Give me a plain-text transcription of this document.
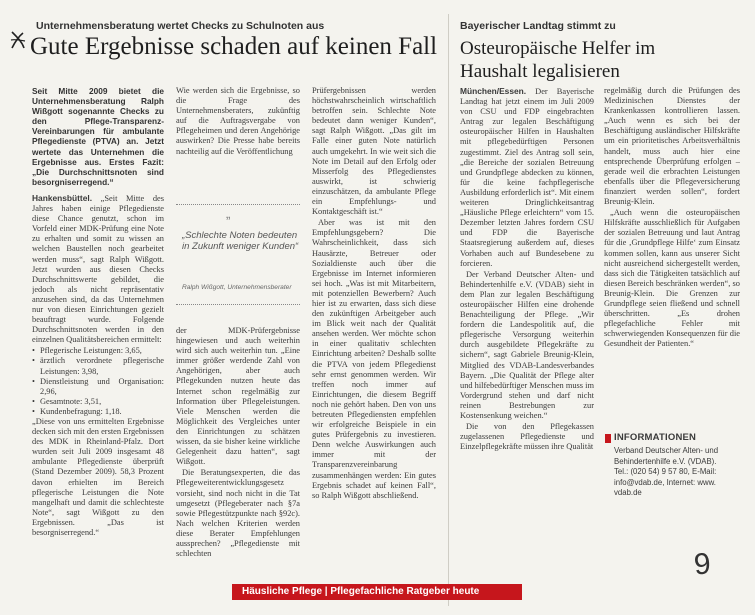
Unternehmensberatung wertet Checks zu Schulnoten aus
Gute Ergebnisse schaden auf keinen Fall

Seit Mitte 2009 bietet die Unternehmensberatung Ralph Wißgott sogenannte Checks zu den Pflege-Transparenz-Vereinbarungen für ambulante Pflegedienste (PTVA) an. Jetzt wertete das Unternehmen die Ergebnisse aus. Erstes Fazit: „Die Durchschnittsnoten sind besorgniserregend.“

Hankensbüttel. „Seit Mitte des Jahres haben einige Pflegedienste diese Chance genutzt, schon im Vorfeld einer MDK-Prüfung eine Note zu erhalten und somit zu wissen an welchen Baustellen noch gearbeitet werden muss“, sagt Ralph Wißgott. Jetzt wurden aus diesen Checks Durchschnittswerte gebildet, die jedoch als nicht repräsentativ anzusehen sind, da das Unternehmen nur von diesen Einrichtungen gezielt beauftragt wurde. Folgende Durchschnittsnoten werden in den einzelnen Qualitätsbereichen ermittelt:

• Pflegerische Leistungen: 3,65,
• ärztlich verordnete pflegerische Leistungen: 3,98,
• Dienstleistung und Organisation: 2,96,
• Gesamtnote: 3,51,
• Kundenbefragung: 1,18.

„Diese von uns ermittelten Ergebnisse decken sich mit den ersten Ergebnissen des MDK in Rheinland-Pfalz. Dort wurden seit Juli 2009 insgesamt 48 ambulante Pflegedienste überprüft (Stand Dezember 2009). 58,3 Prozent davon erhielten im Bereich pflegerische Leistungen die Note mangelhaft und damit die schlechteste Note“, sagt Wißgott zu den Ergebnissen. „Das ist besorgniserregend.“

Wie werden sich die Ergebnisse, so die Frage des Unternehmensberaters, zukünftig auf die Auftragsvergabe von Pflegeheimen und deren Angehörige auswirken? Die Presse habe bereits nachteilig auf die Veröffentlichung

„
„Schlechte Noten bedeuten in Zukunft weniger Kunden“
Ralph Wißgott, Unternehmensberater

der MDK-Prüfergebnisse hingewiesen und auch weiterhin wird sich auch weiterhin tun. „Eine immer größer werdende Zahl von Angehörigen, aber auch Pflegekunden nutzen heute das Internet schon regelmäßig zur Information über Pflegeleistungen. Viele Menschen werden die Möglichkeit des Vergleiches unter den Einrichtungen zu schätzen wissen, da sie bisher keine wirkliche Gelegenheit dazu hatten“, sagt Wißgott.

Die Beratungsexperten, die das Pflegeweiterentwicklungsgesetz vorsieht, sind noch nicht in die Tat umgesetzt (Pflegeberater nach §7a sowie Pflegestützpunkte nach §92c). Nach welchen Kriterien werden diese Berater Empfehlungen aussprechen? „Pflegedienste mit schlechten

Prüfergebnissen werden höchstwahrscheinlich wirtschaftlich betroffen sein. Schlechte Note bedeutet dann weniger Kunden“, sagt Ralph Wißgott. „Das gilt im Falle einer guten Note natürlich auch umgekehrt. In wie weit sich die Note im Detail auf den Erfolg oder Misserfolg des Pflegedienstes auswirkt, ist schwierig einzuschätzen, da ambulante Pflege ein Empfehlungs- und Kontaktgeschäft ist.“

Aber was ist mit den Empfehlungsgebern? Die Wahrscheinlichkeit, dass sich Hausärzte, Betreuer oder Sozialdienste auch über die Ergebnisse im Internet informieren sei hoch. „Was ist mit Mitarbeitern, mit potenziellen Bewerbern? Auch hier ist zu erwarten, dass sich diese den zukünftigen Arbeitgeber auch im Blick weit nach der Qualität ansehen werden. Wer möchte schon in einer qualitativ schlechten Einrichtung arbeiten? Deshalb sollte die PTVA von jedem Pflegedienst sehr ernst genommen werden. Wir treffen noch immer auf Einrichtungen, die diesem Begriff noch nie gehört haben. Den von uns betreuten Pflegediensten empfehlen wir erfolgreiche Beispiele in ein gutes Prüfergebnis zu investieren. Denn welche Auswirkungen auch immer mit der Transparenzvereinbarung zusammenhängen werden: Ein gutes Ergebnis schadet auf keinen Fall“, so Ralph Wißgott abschließend.

Bayerischer Landtag stimmt zu
Osteuropäische Helfer im
Haushalt legalisieren

München/Essen. Der Bayerische Landtag hat jetzt einem im Juli 2009 von CSU und FDP eingebrachten Antrag zur legalen Beschäftigung osteuropäischer Hilfen in Haushalten mit pflegebedürftigen Personen zugestimmt. Ziel des Antrag soll sein, „die Bereiche der sozialen Betreuung und Grundpflege abdecken zu können, für die keine fachpflegerische Ausbildung erforderlich ist“. Mit einem weiteren Dringlichkeitsantrag „Häusliche Pflege erleichtern“ vom 15. Dezember letzten Jahres fordern CSU und FDP die Bayerische Staatsregierung außerdem auf, dieses Vorhaben auch auf Bundesebene zu forcieren.

Der Verband Deutscher Alten- und Behindertenhilfe e.V. (VDAB) sieht in dem Plan zur legalen Beschäftigung osteuropäischer Hilfen eine drohende Benachteiligung der Pflege. „Wir fordern die Landespolitik auf, die pflegerische Versorgung weiterhin durch ausgebildete Pflegekräfte zu sichern“, sagt Gabriele Breunig-Klein, Mitglied des VDAB-Landesverbandes Bayern. „Die Qualität der Pflege alter und hilfebedürftiger Menschen muss im Vordergrund stehen und darf nicht reinen Bestrebungen zur Kostensenkung weichen.“

Die von den Pflegekassen zugelassenen Pflegedienste und Einzelpflegekräfte müssen ihre Qualität

regelmäßig durch die Prüfungen des Medizinischen Dienstes der Krankenkassen kontrollieren lassen. „Auch wenn es sich bei der Beschäftigung ausländischer Hilfskräfte um ein prioritetisches Arbeitsverhältnis handelt, muss auch hier eine entsprechende Überprüfung erfolgen – gerade weil die erbrachten Leistungen ebenfalls über die Pflegeversicherung finanziert werden sollen“, fordert Breunig-Klein.

„Auch wenn die osteuropäischen Hilfskräfte ausschließlich für Aufgaben der sozialen Betreuung und laut Antrag für die ‚Grundpflege Hilfe‘ zum Einsatz kommen sollen, kann aus unserer Sicht nicht ausreichend sichergestellt werden, dass sich die Tätigkeiten tatsächlich auf diesen Bereich beschränken werden“, so Breunig-Klein. Die Grenzen zur Grundpflege seien fließend und schnell überschritten. „Es drohen pflegefachliche Fehler mit schwerwiegenden Konsequenzen für die Gesundheit der Patienten.“

INFORMATIONEN
Verband Deutscher Alten- und
Behindertenhilfe e.V. (VDAB).
Tel.: (020 54) 9 57 80, E-Mail:
info@vdab.de, Internet: www.
vdab.de
9
Häusliche Pflege | Pflegefachliche Ratgeber heute
